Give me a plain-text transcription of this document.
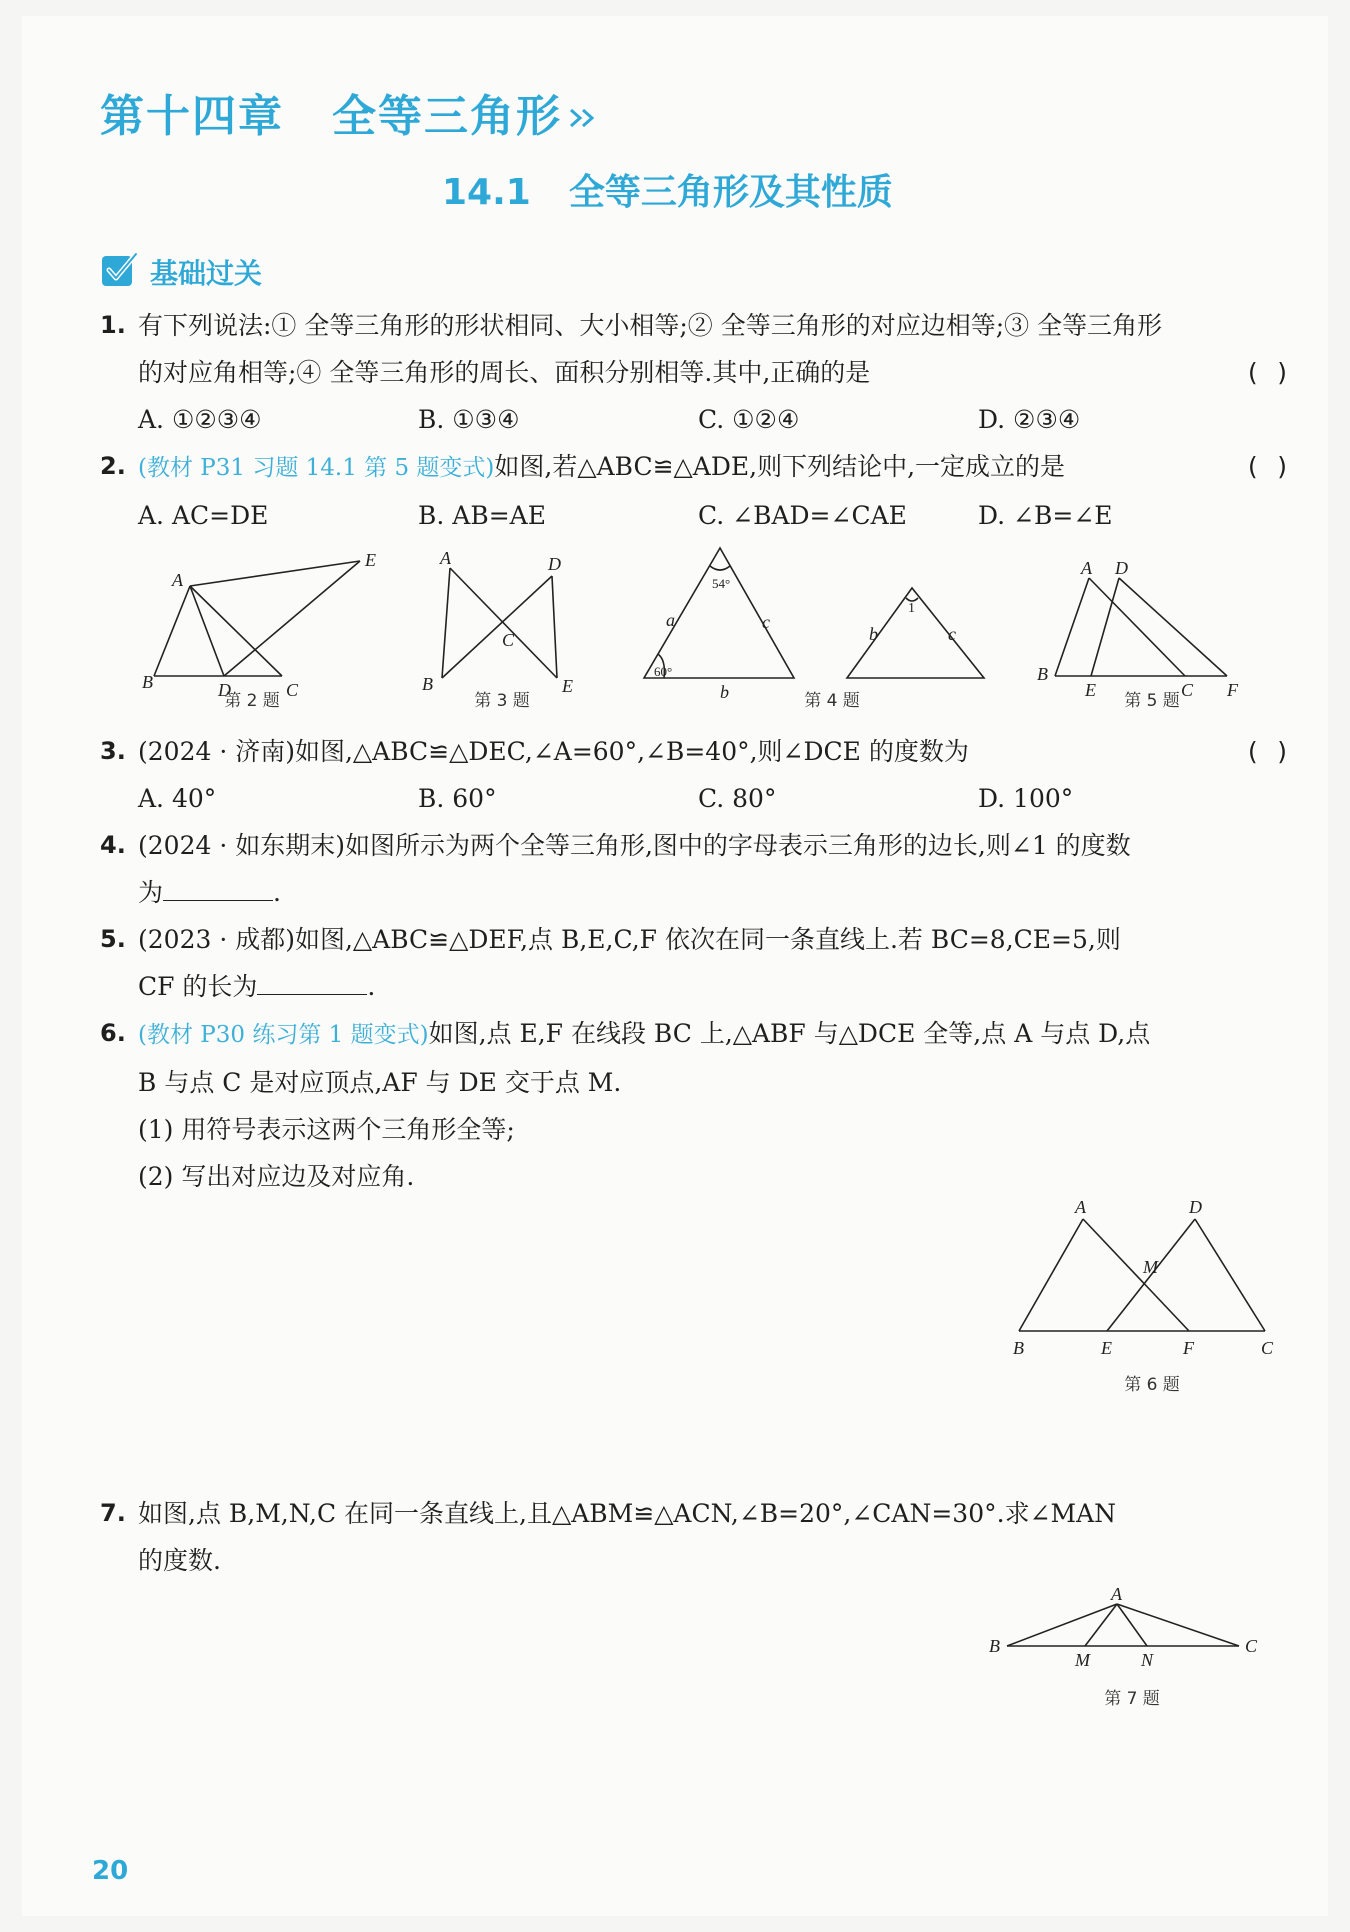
第十四章 全等三角形
14.1 全等三角形及其性质
基础过关
1. 有下列说法:① 全等三角形的形状相同、大小相等;② 全等三角形的对应边相等;③ 全等三角形
的对应角相等;④ 全等三角形的周长、面积分别相等.其中,正确的是	( )
A. ①②③④	B. ①③④	C. ①②④	D. ②③④
2. (教材 P31 习题 14.1 第 5 题变式)如图,若△ABC≌△ADE,则下列结论中,一定成立的是	( )
A. AC=DE	B. AB=AE	C. ∠BAD=∠CAE	D. ∠B=∠E
A
E
B	D	C
第 2 题
A	D
C
B	E
第 3 题
54°
60°
a	c
b
1
b	c
第 4 题
A D
B
E	C F
第 5 题
3. (2024 · 济南)如图,△ABC≌△DEC,∠A=60°,∠B=40°,则∠DCE 的度数为	( )
A. 40°	B. 60°	C. 80°	D. 100°
4. (2024 · 如东期末)如图所示为两个全等三角形,图中的字母表示三角形的边长,则∠1 的度数
为	.
5. (2023 · 成都)如图,△ABC≌△DEF,点 B,E,C,F 依次在同一条直线上.若 BC=8,CE=5,则
CF 的长为	.
6. (教材 P30 练习第 1 题变式)如图,点 E,F 在线段 BC 上,△ABF 与△DCE 全等,点 A 与点 D,点
B 与点 C 是对应顶点,AF 与 DE 交于点 M.
(1) 用符号表示这两个三角形全等;
(2) 写出对应边及对应角.
A	D
M
B	E	F	C
第 6 题
7. 如图,点 B,M,N,C 在同一条直线上,且△ABM≌△ACN,∠B=20°,∠CAN=30°.求∠MAN
的度数.
A
B	C
M	N
第 7 题
20
